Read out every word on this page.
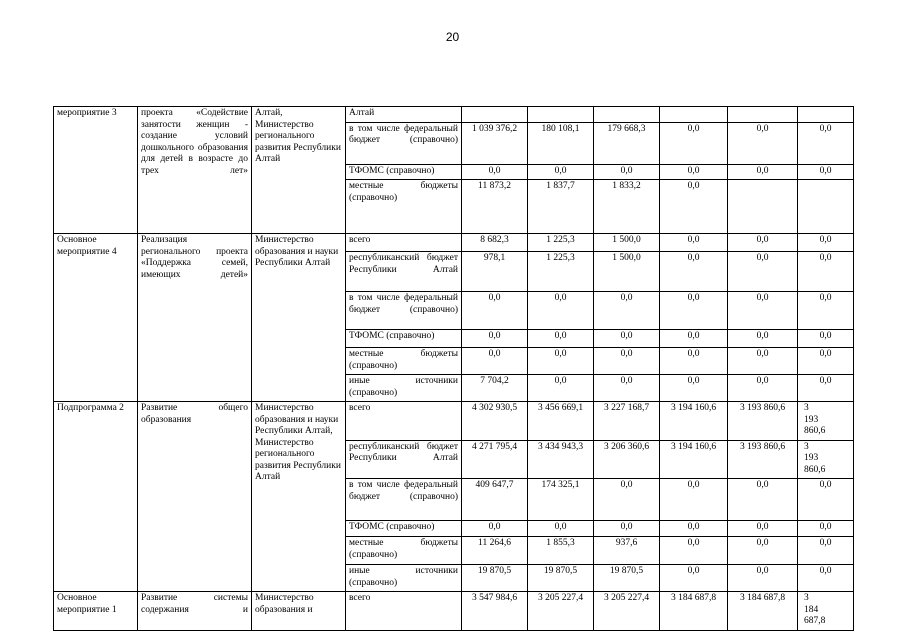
20
мероприятие 3	проекта «Содействие занятости женщин - создание условий дошкольного образования для детей в возрасте до трех лет»	Алтай, Министерство регионального развития Республики Алтай	Алтай						
			в том числе федеральный бюджет (справочно)	1 039 376,2	180 108,1	179 668,3	0,0	0,0	0,0
			ТФОМС (справочно)	0,0	0,0	0,0	0,0	0,0	0,0
			местные бюджеты (справочно)	11 873,2	1 837,7	1 833,2	0,0		
Основное мероприятие 4	Реализация регионального проекта «Поддержка семей, имеющих детей»	Министерство образования и науки Республики Алтай	всего	8 682,3	1 225,3	1 500,0	0,0	0,0	0,0
			республиканский бюджет Республики Алтай	978,1	1 225,3	1 500,0	0,0	0,0	0,0
			в том числе федеральный бюджет (справочно)	0,0	0,0	0,0	0,0	0,0	0,0
			ТФОМС (справочно)	0,0	0,0	0,0	0,0	0,0	0,0
			местные бюджеты (справочно)	0,0	0,0	0,0	0,0	0,0	0,0
			иные источники (справочно)	7 704,2	0,0	0,0	0,0	0,0	0,0
Подпрограмма 2	Развитие общего образования	Министерство образования и науки Республики Алтай, Министерство регионального развития Республики Алтай	всего	4 302 930,5	3 456 669,1	3 227 168,7	3 194 160,6	3 193 860,6	3 193 860,6
			республиканский бюджет Республики Алтай	4 271 795,4	3 434 943,3	3 206 360,6	3 194 160,6	3 193 860,6	3 193 860,6
			в том числе федеральный бюджет (справочно)	409 647,7	174 325,1	0,0	0,0	0,0	0,0
			ТФОМС (справочно)	0,0	0,0	0,0	0,0	0,0	0,0
			местные бюджеты (справочно)	11 264,6	1 855,3	937,6	0,0	0,0	0,0
			иные источники (справочно)	19 870,5	19 870,5	19 870,5	0,0	0,0	0,0
Основное мероприятие 1	Развитие системы содержания и	Министерство образования и	всего	3 547 984,6	3 205 227,4	3 205 227,4	3 184 687,8	3 184 687,8	3 184 687,8
